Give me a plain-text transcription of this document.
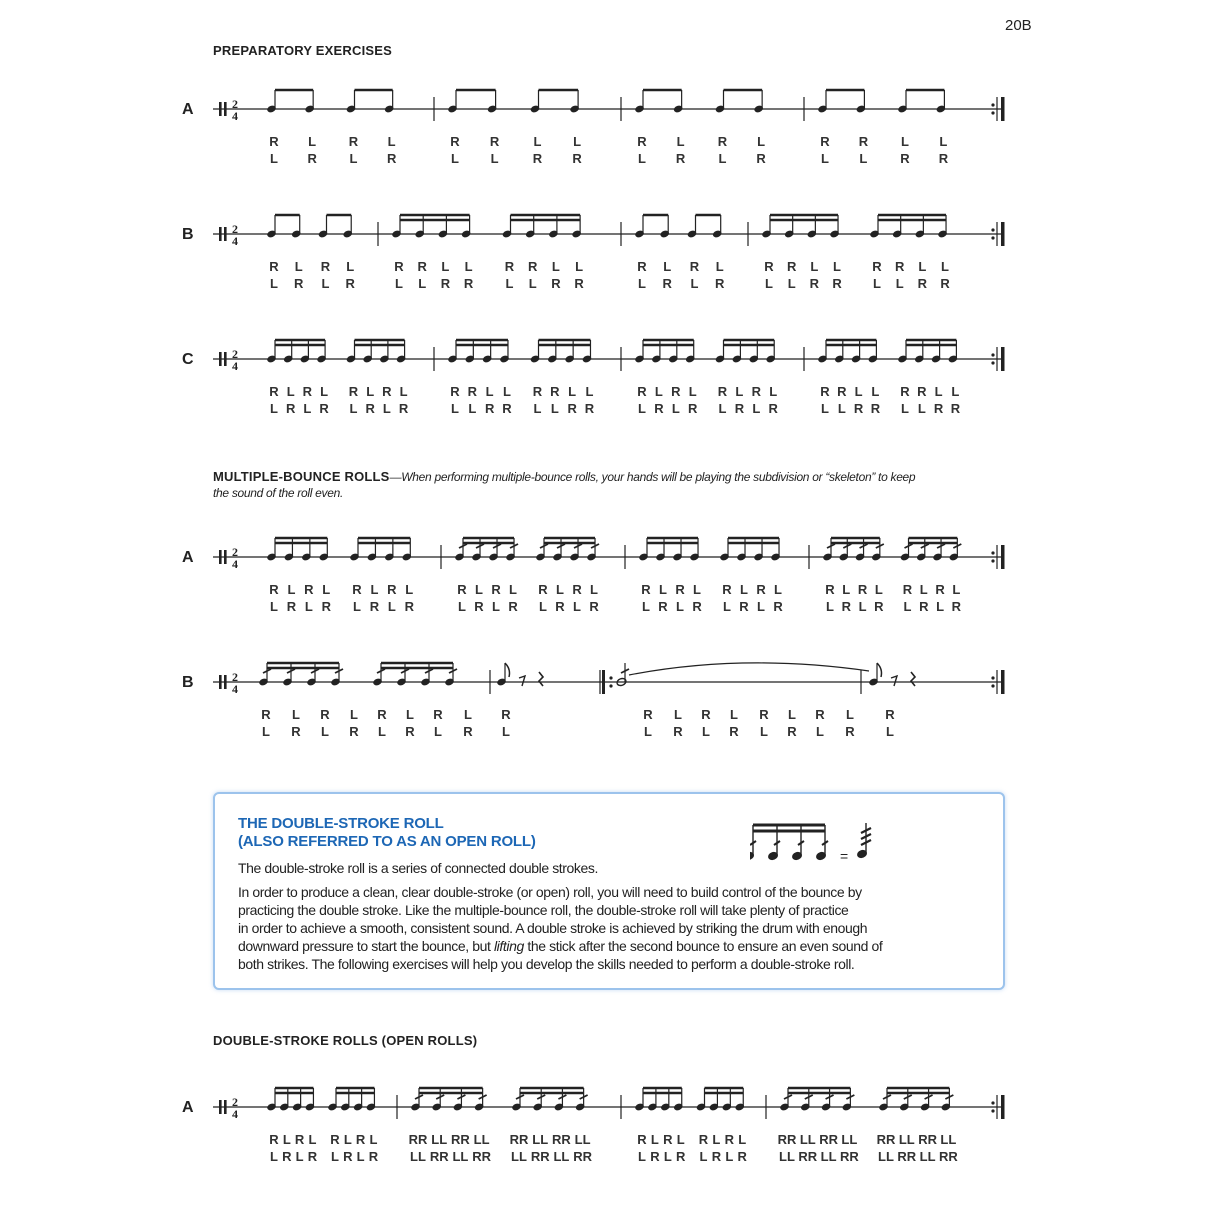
20B
PREPARATORY EXERCISES
MULTIPLE-BOUNCE ROLLS—When performing multiple-bounce rolls, your hands will be playing the subdivision or “skeleton” to keep
the sound of the roll even.
DOUBLE-STROKE ROLLS (OPEN ROLLS)
A	2
4
R L	R L	R R	L L	R L	R L	R R	L L
L R	L R	L L	R R	L R	L R	L L	R R
B	2
4
R L R L	R R L L R R L L	R L R L	R R L L R R L L
L R L R	L L R R L L R R	L R L R	L L R R L L R R
C	2
4
R L R L R L R L	R R L L R R L L	R L R L R L R L	R R L L R R L L
L R L R L R L R	L L R R L L R R	L R L R L R L R	L L R R L L R R
A	2
4
R L R L R L R L	R L R L R L R L	R L R L R L R L	R L R L R L R L
L R L R L R L R	L R L R L R L R	L R L R L R L R	L R L R L R L R
B	2
4
R L R L R L R L R	R L R L R L R L R
L R L R L R L R L	L R L R L R L R L
A	2
4
R L R L R L R L RR LL RR LL RR LL RR LL	R L R L R L R L RR LL RR LL RR LL RR LL
L R L R L R L R LL RR LL RR LL RR LL RR	L R L R L R L R LL RR LL RR LL RR LL RR
THE DOUBLE-STROKE ROLL
(ALSO REFERRED TO AS AN OPEN ROLL)

The double-stroke roll is a series of connected double strokes.

In order to produce a clean, clear double-stroke (or open) roll, you will need to build control of the bounce by

practicing the double stroke. Like the multiple-bounce roll, the double-stroke roll will take plenty of practice

in order to achieve a smooth, consistent sound. A double stroke is achieved by striking the drum with enough

downward pressure to start the bounce, but lifting the stick after the second bounce to ensure an even sound of

both strikes. The following exercises will help you develop the skills needed to perform a double-stroke roll.

=
